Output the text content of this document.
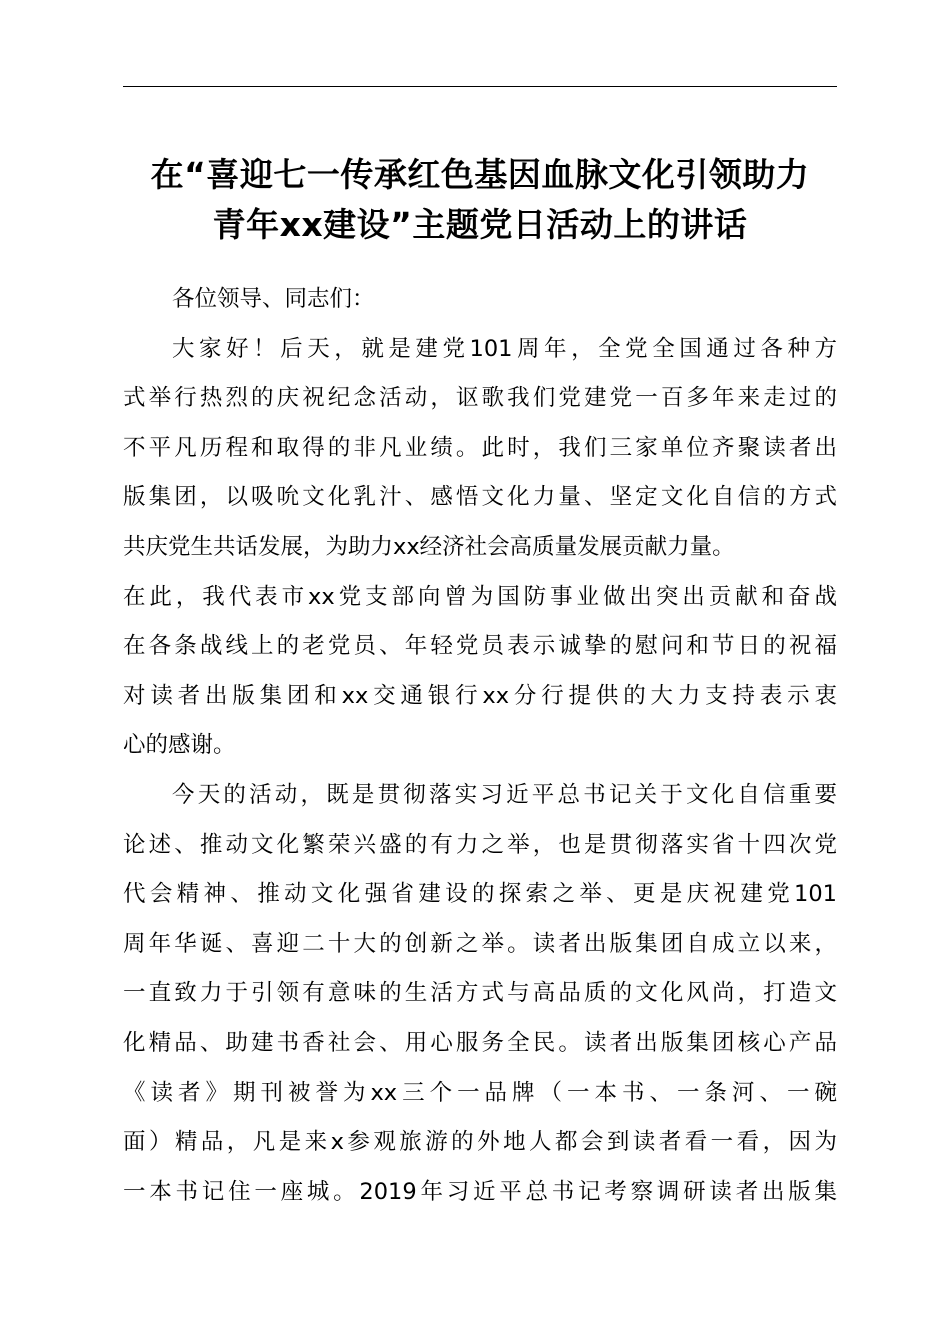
在“喜迎七一传承红色基因血脉文化引领助力
青年xx建设”主题党日活动上的讲话

各位领导、同志们：

大家好！后天，就是建党101周年，全党全国通过各种方
式举行热烈的庆祝纪念活动，讴歌我们党建党一百多年来走过的
不平凡历程和取得的非凡业绩。此时，我们三家单位齐聚读者出
版集团，以吸吮文化乳汁、感悟文化力量、坚定文化自信的方式
共庆党生共话发展，为助力xx经济社会高质量发展贡献力量。
在此，我代表市xx党支部向曾为国防事业做出突出贡献和奋战
在各条战线上的老党员、年轻党员表示诚挚的慰问和节日的祝福
对读者出版集团和xx交通银行xx分行提供的大力支持表示衷
心的感谢。

今天的活动，既是贯彻落实习近平总书记关于文化自信重要
论述、推动文化繁荣兴盛的有力之举，也是贯彻落实省十四次党
代会精神、推动文化强省建设的探索之举、更是庆祝建党101
周年华诞、喜迎二十大的创新之举。读者出版集团自成立以来，
一直致力于引领有意味的生活方式与高品质的文化风尚，打造文
化精品、助建书香社会、用心服务全民。读者出版集团核心产品
《读者》期刊被誉为xx三个一品牌（一本书、一条河、一碗
面）精品，凡是来x参观旅游的外地人都会到读者看一看，因为
一本书记住一座城。2019年习近平总书记考察调研读者出版集
